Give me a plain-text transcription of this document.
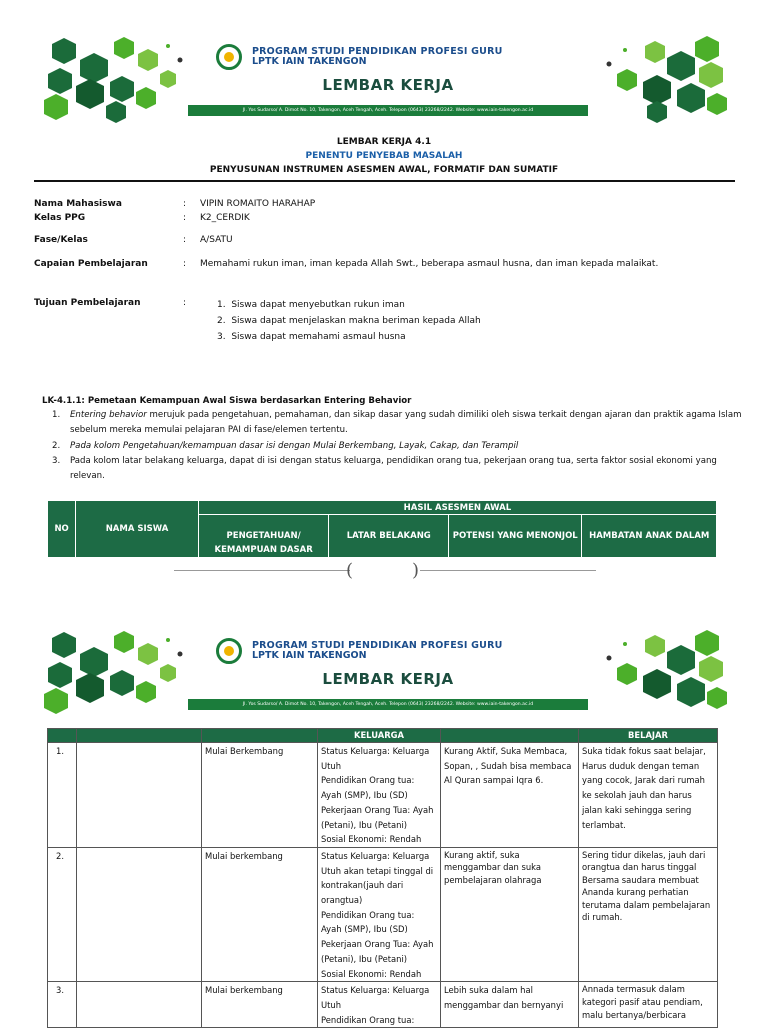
PROGRAM STUDI PENDIDIKAN PROFESI GURU
LPTK IAIN TAKENGON
LEMBAR KERJA
Jl. Yos Sudarso/ A. Dimot No. 10, Takengon, Aceh Tengah, Aceh. Telepon (0643) 23268/2242. Website: www.iain-takengon.ac.id
LEMBAR KERJA 4.1
PENENTU PENYEBAB MASALAH
PENYUSUNAN INSTRUMEN ASESMEN AWAL, FORMATIF DAN SUMATIF
Nama Mahasiswa	: VIPIN ROMAITO HARAHAP
Kelas PPG	: K2_CERDIK
Fase/Kelas	: A/SATU
Capaian Pembelajaran	: Memahami rukun iman, iman kepada Allah Swt., beberapa asmaul husna, dan iman kepada malaikat.
Tujuan Pembelajaran	:	1. Siswa dapat menyebutkan rukun iman
2. Siswa dapat menjelaskan makna beriman kepada Allah
3. Siswa dapat memahami asmaul husna
LK-4.1.1: Pemetaan Kemampuan Awal Siswa berdasarkan Entering Behavior
1. Entering behavior merujuk pada pengetahuan, pemahaman, dan sikap dasar yang sudah dimiliki oleh siswa terkait dengan ajaran dan praktik agama Islam
sebelum mereka memulai pelajaran PAI di fase/elemen tertentu.
2. Pada kolom Pengetahuan/kemampuan dasar isi dengan Mulai Berkembang, Layak, Cakap, dan Terampil
3. Pada kolom latar belakang keluarga, dapat di isi dengan status keluarga, pendidikan orang tua, pekerjaan orang tua, serta faktor sosial ekonomi yang
relevan.
NO	NAMA SISWA	HASIL ASESMEN AWAL			
		PENGETAHUAN/ KEMAMPUAN DASAR	LATAR BELAKANG	POTENSI YANG MENONJOL	HAMBATAN ANAK DALAM
(	)
PROGRAM STUDI PENDIDIKAN PROFESI GURU
LPTK IAIN TAKENGON
LEMBAR KERJA
Jl. Yos Sudarso/ A. Dimot No. 10, Takengon, Aceh Tengah, Aceh. Telepon (0643) 23268/2242. Website: www.iain-takengon.ac.id
			KELUARGA		BELAJAR
1.		Mulai Berkembang	Status Keluarga: Keluarga Utuh
Pendidikan Orang tua: Ayah (SMP), Ibu (SD)
Pekerjaan Orang Tua: Ayah (Petani), Ibu (Petani)
Sosial Ekonomi: Rendah	Kurang Aktif, Suka Membaca, Sopan, , Sudah bisa membaca Al Quran sampai Iqra 6.	Suka tidak fokus saat belajar, Harus duduk dengan teman yang cocok, Jarak dari rumah ke sekolah jauh dan harus jalan kaki sehingga sering terlambat.
2.		Mulai berkembang	Status Keluarga: Keluarga Utuh akan tetapi tinggal di kontrakan(jauh dari orangtua)
Pendidikan Orang tua: Ayah (SMP), Ibu (SD)
Pekerjaan Orang Tua: Ayah (Petani), Ibu (Petani)
Sosial Ekonomi: Rendah	Kurang aktif, suka menggambar dan suka pembelajaran olahraga	Sering tidur dikelas, jauh dari orangtua dan harus tinggal Bersama saudara membuat Ananda kurang perhatian terutama dalam pembelajaran di rumah.
3.		Mulai berkembang	Status Keluarga: Keluarga Utuh
Pendidikan Orang tua:	Lebih suka dalam hal menggambar dan bernyanyi	Annada termasuk dalam kategori pasif atau pendiam, malu bertanya/berbicara
